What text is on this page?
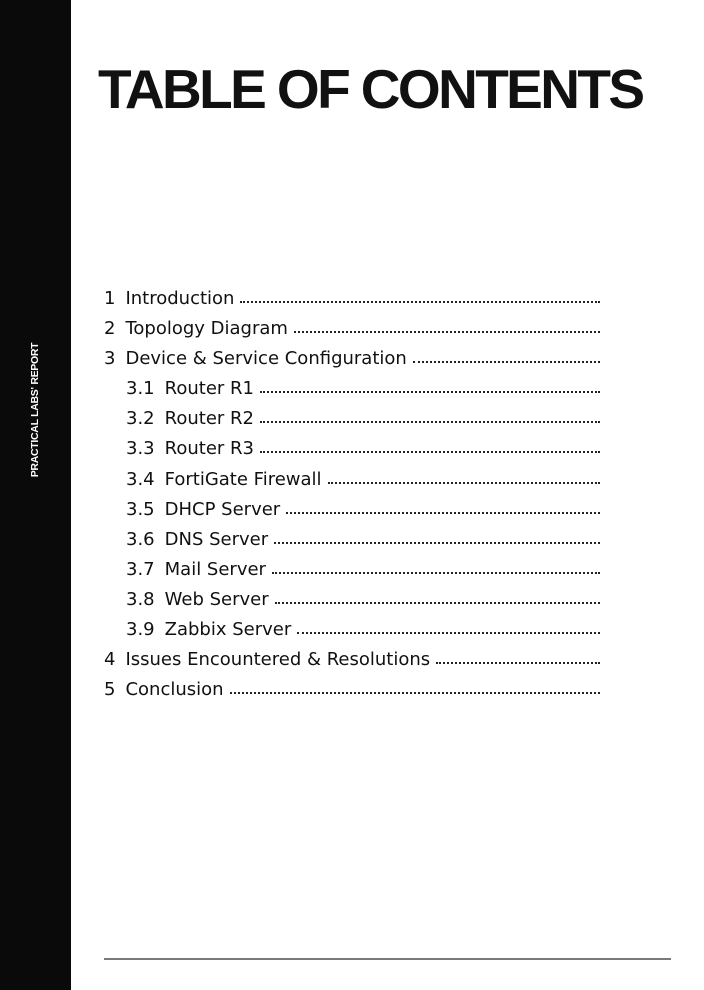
PRACTICAL LABS' REPORT
TABLE OF CONTENTS
1 Introduction
2 Topology Diagram
3 Device & Service Configuration
3.1 Router R1
3.2 Router R2
3.3 Router R3
3.4 FortiGate Firewall
3.5 DHCP Server
3.6 DNS Server
3.7 Mail Server
3.8 Web Server
3.9 Zabbix Server
4 Issues Encountered & Resolutions
5 Conclusion
